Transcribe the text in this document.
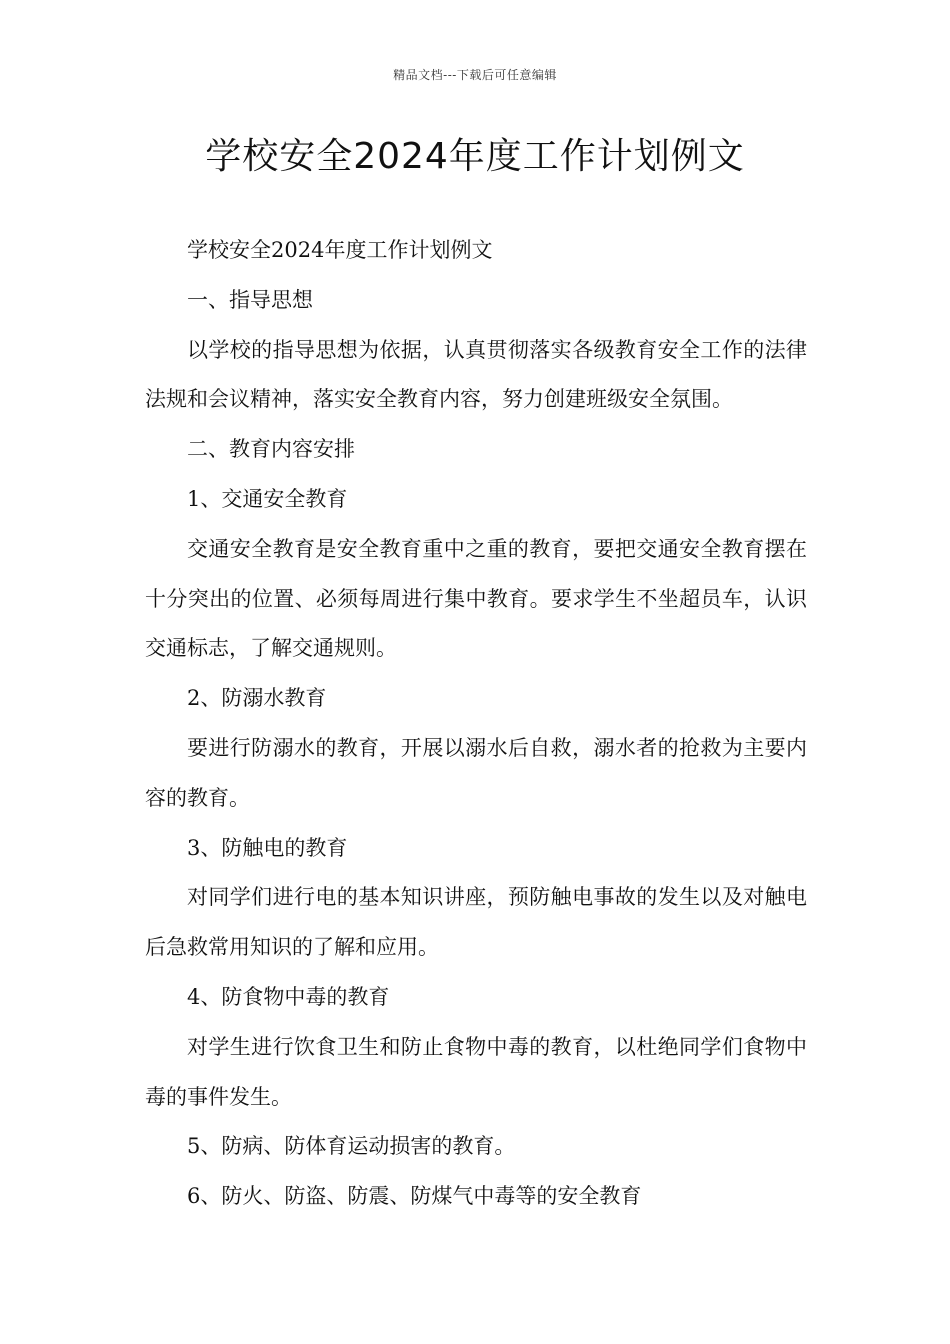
精品文档---下载后可任意编辑
学校安全2024年度工作计划例文

学校安全2024年度工作计划例文

一、指导思想

以学校的指导思想为依据，认真贯彻落实各级教育安全工作的法律法规和会议精神，落实安全教育内容，努力创建班级安全氛围。

二、教育内容安排

1、交通安全教育

交通安全教育是安全教育重中之重的教育，要把交通安全教育摆在十分突出的位置、必须每周进行集中教育。要求学生不坐超员车，认识交通标志，了解交通规则。

2、防溺水教育

要进行防溺水的教育，开展以溺水后自救，溺水者的抢救为主要内容的教育。

3、防触电的教育

对同学们进行电的基本知识讲座，预防触电事故的发生以及对触电后急救常用知识的了解和应用。

4、防食物中毒的教育

对学生进行饮食卫生和防止食物中毒的教育，以杜绝同学们食物中毒的事件发生。

5、防病、防体育运动损害的教育。

6、防火、防盗、防震、防煤气中毒等的安全教育
